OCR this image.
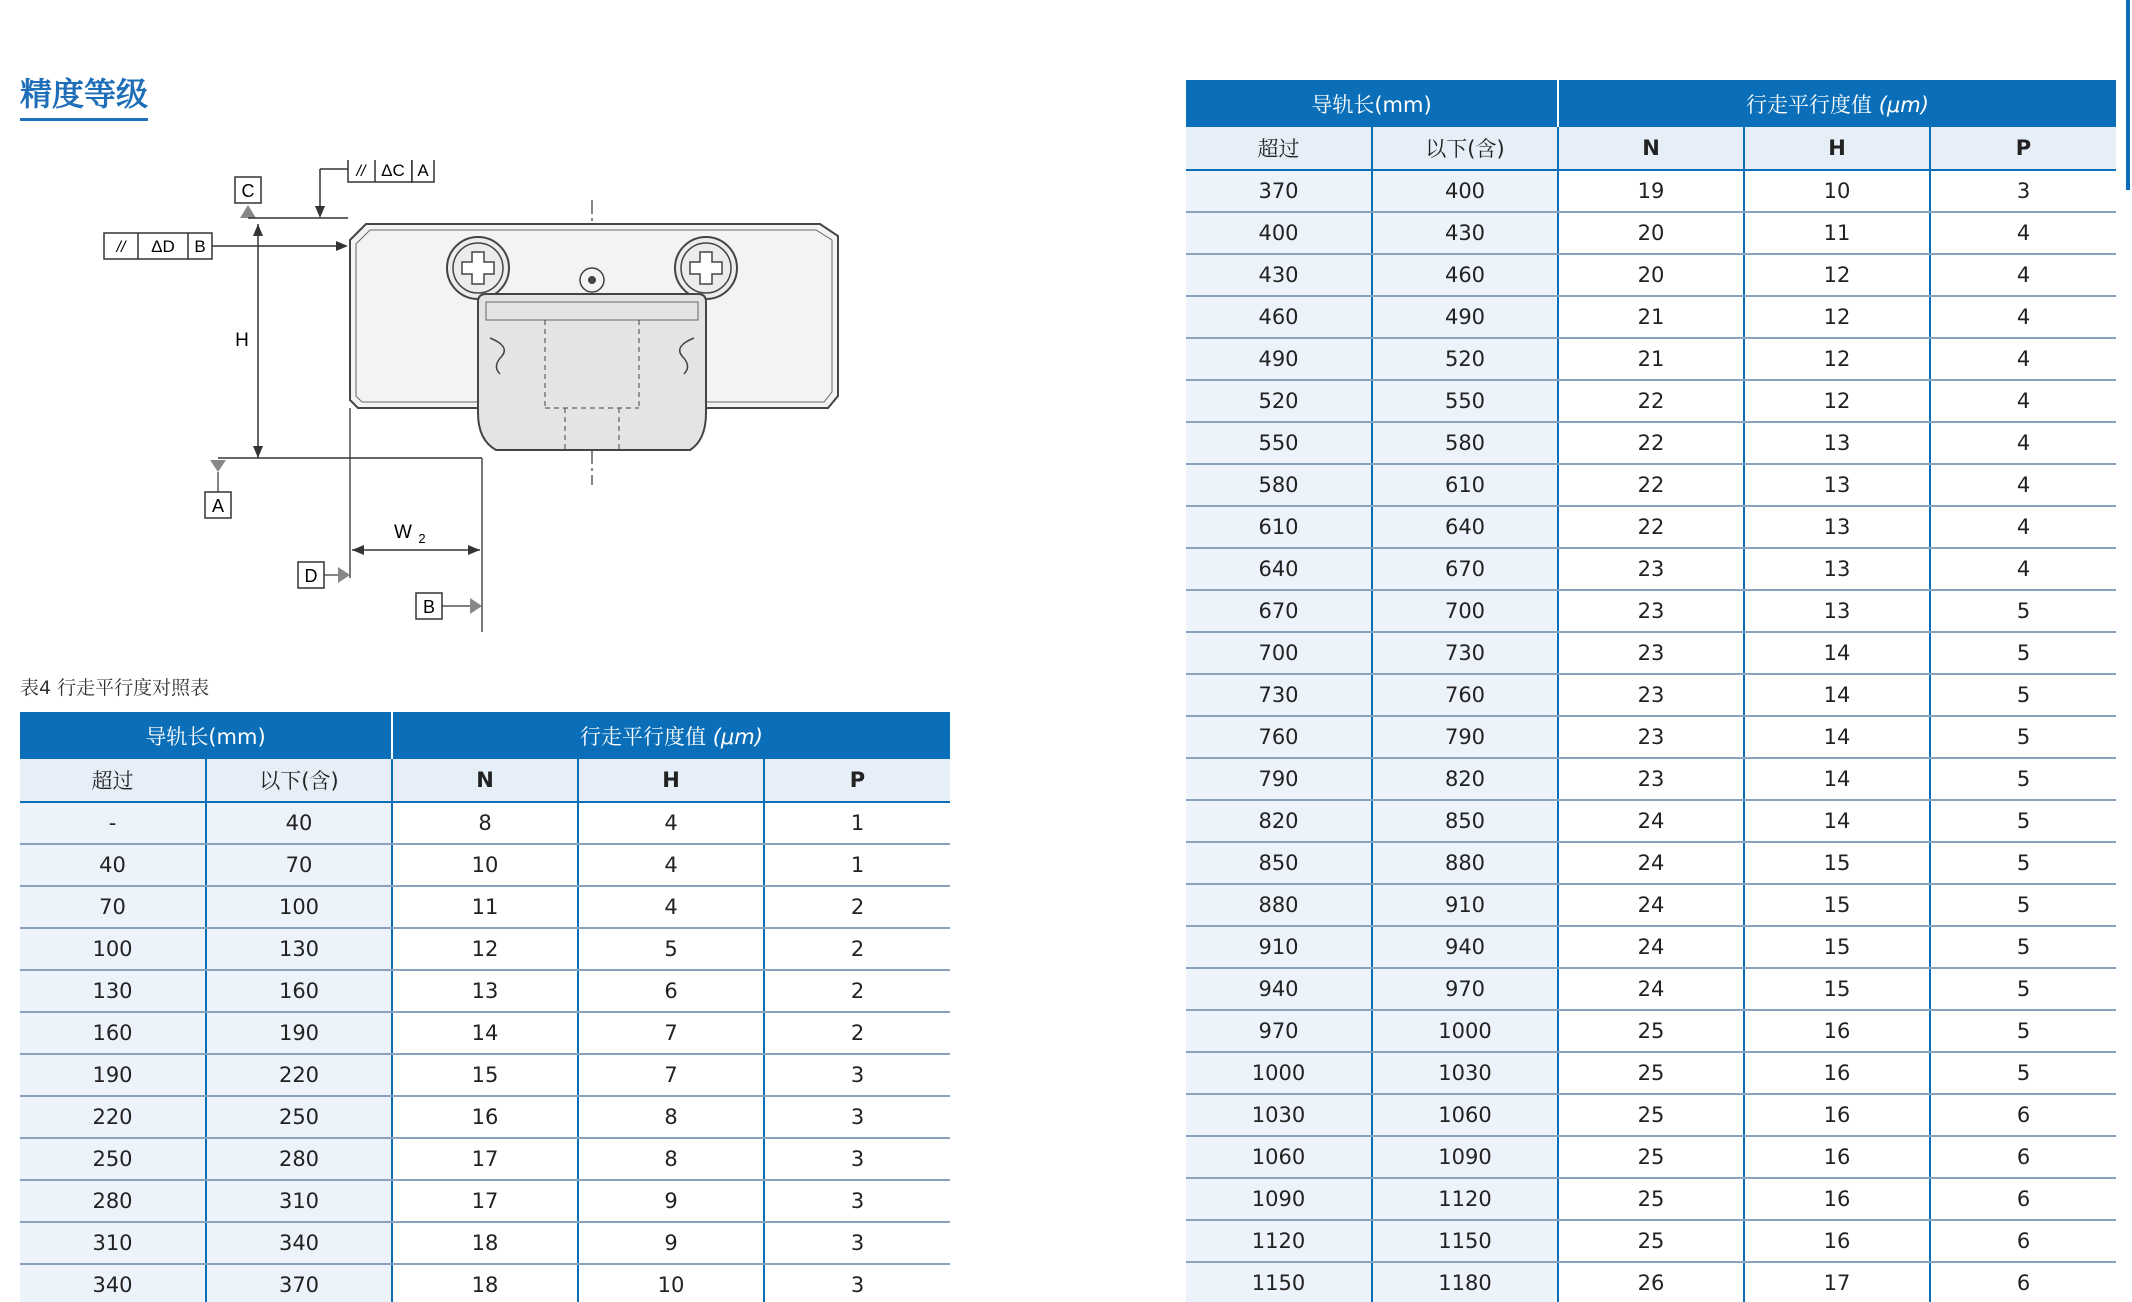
精度等级
C
// ΔC A
// ΔD B
H
A
W 2
D
B
表4 行走平行度对照表
导轨长(mm)		行走平行度值 (μm)		
超过	以下(含)	N	H	P
-	40	8	4	1
40	70	10	4	1
70	100	11	4	2
100	130	12	5	2
130	160	13	6	2
160	190	14	7	2
190	220	15	7	3
220	250	16	8	3
250	280	17	8	3
280	310	17	9	3
310	340	18	9	3
340	370	18	10	3
导轨长(mm)		行走平行度值 (μm)		
超过	以下(含)	N	H	P
370	400	19	10	3
400	430	20	11	4
430	460	20	12	4
460	490	21	12	4
490	520	21	12	4
520	550	22	12	4
550	580	22	13	4
580	610	22	13	4
610	640	22	13	4
640	670	23	13	4
670	700	23	13	5
700	730	23	14	5
730	760	23	14	5
760	790	23	14	5
790	820	23	14	5
820	850	24	14	5
850	880	24	15	5
880	910	24	15	5
910	940	24	15	5
940	970	24	15	5
970	1000	25	16	5
1000	1030	25	16	5
1030	1060	25	16	6
1060	1090	25	16	6
1090	1120	25	16	6
1120	1150	25	16	6
1150	1180	26	17	6
